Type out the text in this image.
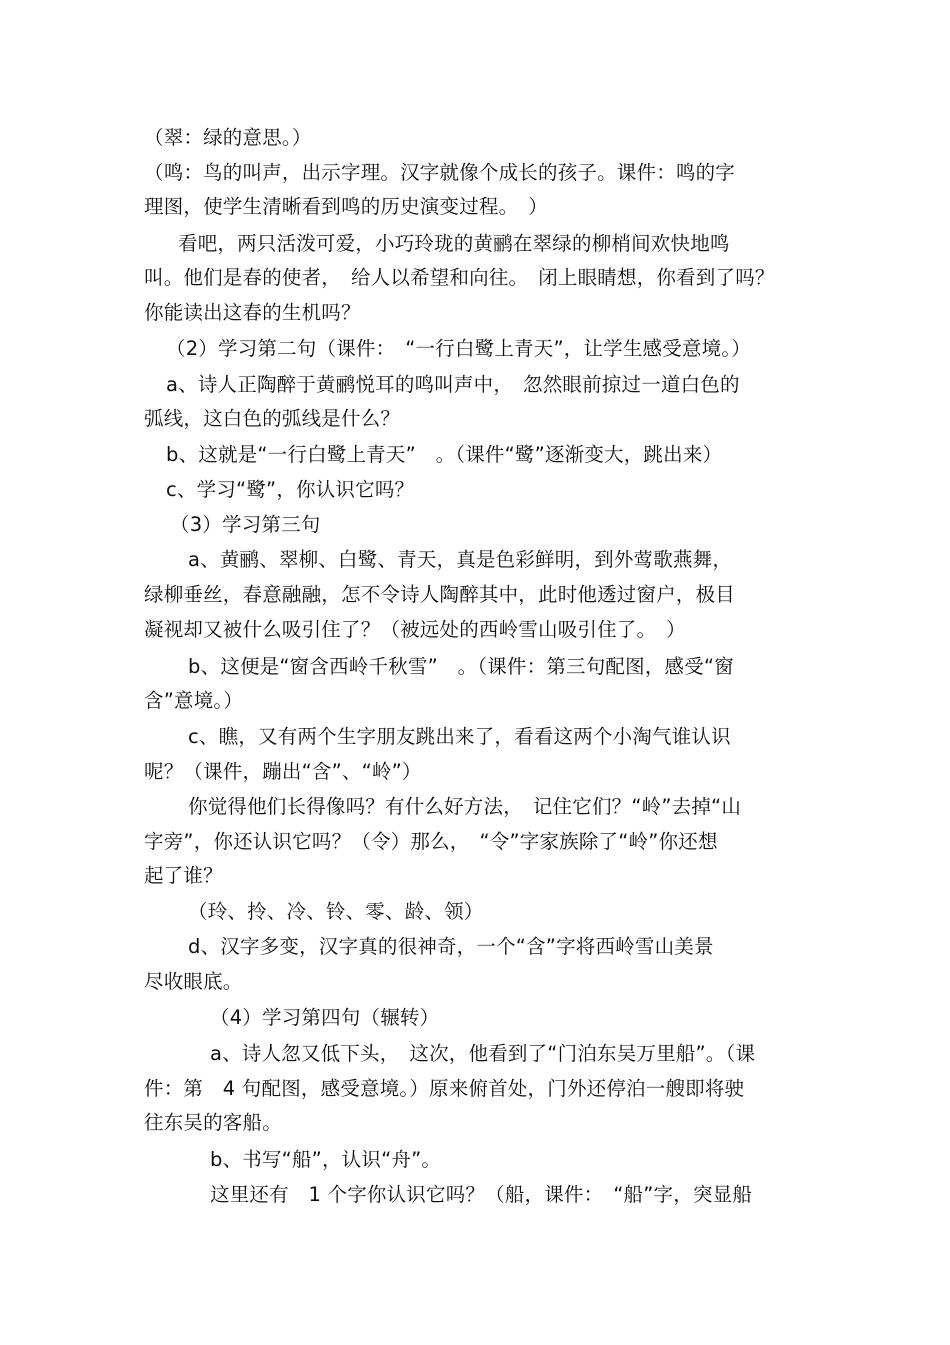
（翠：绿的意思。）
（鸣：鸟的叫声，出示字理。汉字就像个成长的孩子。课件：鸣的字
理图，使学生清晰看到鸣的历史演变过程。　）
看吧，两只活泼可爱，小巧玲珑的黄鹂在翠绿的柳梢间欢快地鸣
叫。他们是春的使者，　给人以希望和向往。　闭上眼睛想，你看到了吗？
你能读出这春的生机吗？
（2）学习第二句（课件：　“一行白鹭上青天”，让学生感受意境。）
a、诗人正陶醉于黄鹂悦耳的鸣叫声中，　忽然眼前掠过一道白色的
弧线，这白色的弧线是什么？
b、这就是“一行白鹭上青天”　。（课件“鹭”逐渐变大，跳出来）
c、学习“鹭”，你认识它吗？
（3）学习第三句
a、黄鹂、翠柳、白鹭、青天，真是色彩鲜明，到外莺歌燕舞，
绿柳垂丝，春意融融，怎不令诗人陶醉其中，此时他透过窗户，极目
凝视却又被什么吸引住了？（被远处的西岭雪山吸引住了。　）
b、这便是“窗含西岭千秋雪”　。（课件：第三句配图，感受“窗
含”意境。）
c、瞧，又有两个生字朋友跳出来了，看看这两个小淘气谁认识
呢？（课件，蹦出“含”、“岭”）
你觉得他们长得像吗？有什么好方法，　记住它们？“岭”去掉“山
字旁”，你还认识它吗？（令）那么，　“令”字家族除了“岭”你还想
起了谁？
（玲、拎、冷、铃、零、龄、领）
d、汉字多变，汉字真的很神奇，一个“含”字将西岭雪山美景
尽收眼底。
（4）学习第四句（辗转）
a、诗人忽又低下头，　这次，他看到了“门泊东吴万里船”。（课
件：第　4 句配图，感受意境。）原来俯首处，门外还停泊一艘即将驶
往东吴的客船。
b、书写“船”，认识“舟”。
这里还有　1 个字你认识它吗？（船，课件：　“船”字，突显船
